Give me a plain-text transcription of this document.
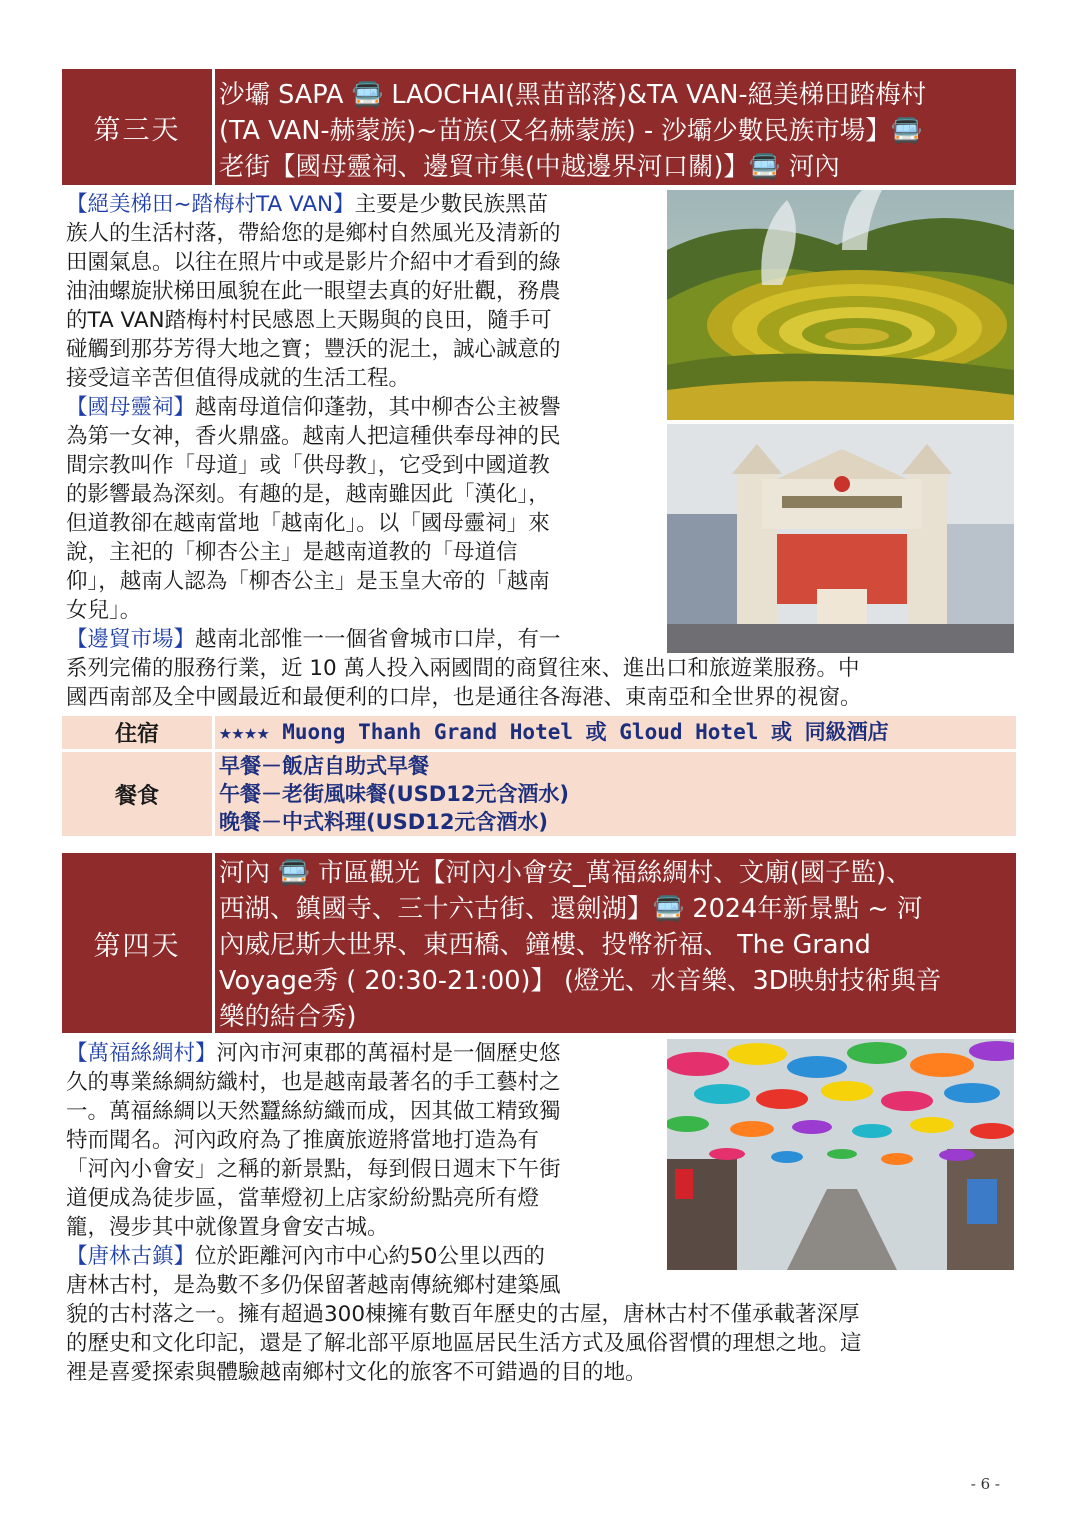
第三天
沙壩 SAPA 🚍 LAOCHAI(黑苗部落)&TA VAN-絕美梯田踏梅村
(TA VAN-赫蒙族)~苗族(又名赫蒙族) - 沙壩少數民族市場】🚍
老街【國母靈祠、邊貿市集(中越邊界河口關)】🚍 河內
【絕美梯田~踏梅村TA VAN】主要是少數民族黑苗
族人的生活村落，帶給您的是鄉村自然風光及清新的
田園氣息。以往在照片中或是影片介紹中才看到的綠
油油螺旋狀梯田風貌在此一眼望去真的好壯觀，務農
的TA VAN踏梅村村民感恩上天賜與的良田，隨手可
碰觸到那芬芳得大地之寶；豐沃的泥土，誠心誠意的
接受這辛苦但值得成就的生活工程。
【國母靈祠】越南母道信仰蓬勃，其中柳杏公主被譽
為第一女神，香火鼎盛。越南人把這種供奉母神的民
間宗教叫作「母道」或「供母教」，它受到中國道教
的影響最為深刻。有趣的是，越南雖因此「漢化」，
但道教卻在越南當地「越南化」。以「國母靈祠」來
說，主祀的「柳杏公主」是越南道教的「母道信
仰」，越南人認為「柳杏公主」是玉皇大帝的「越南
女兒」。
【邊貿市場】越南北部惟一一個省會城市口岸，有一
系列完備的服務行業，近 10 萬人投入兩國間的商貿往來、進出口和旅遊業服務。中
國西南部及全中國最近和最便利的口岸，也是通往各海港、東南亞和全世界的視窗。
住宿	★★★★ Muong Thanh Grand Hotel 或 Gloud Hotel 或 同級酒店
餐食
早餐－飯店自助式早餐
午餐－老街風味餐(USD12元含酒水)
晚餐－中式料理(USD12元含酒水)
第四天
河內 🚍 市區觀光【河內小會安_萬福絲綢村、文廟(國子監)、
西湖、鎮國寺、三十六古街、還劍湖】🚍 2024年新景點 ~ 河
內威尼斯大世界、東西橋、鐘樓、投幣祈福、 The Grand
Voyage秀 ( 20:30-21:00)】 (燈光、水音樂、3D映射技術與音
樂的結合秀)
【萬福絲綢村】河內市河東郡的萬福村是一個歷史悠
久的專業絲綢紡織村，也是越南最著名的手工藝村之
一。萬福絲綢以天然蠶絲紡織而成，因其做工精致獨
特而聞名。河內政府為了推廣旅遊將當地打造為有
「河內小會安」之稱的新景點，每到假日週末下午街
道便成為徒步區，當華燈初上店家紛紛點亮所有燈
籠，漫步其中就像置身會安古城。
【唐林古鎮】位於距離河內市中心約50公里以西的
唐林古村，是為數不多仍保留著越南傳統鄉村建築風
貌的古村落之一。擁有超過300棟擁有數百年歷史的古屋，唐林古村不僅承載著深厚
的歷史和文化印記，還是了解北部平原地區居民生活方式及風俗習慣的理想之地。這
裡是喜愛探索與體驗越南鄉村文化的旅客不可錯過的目的地。
- 6 -
